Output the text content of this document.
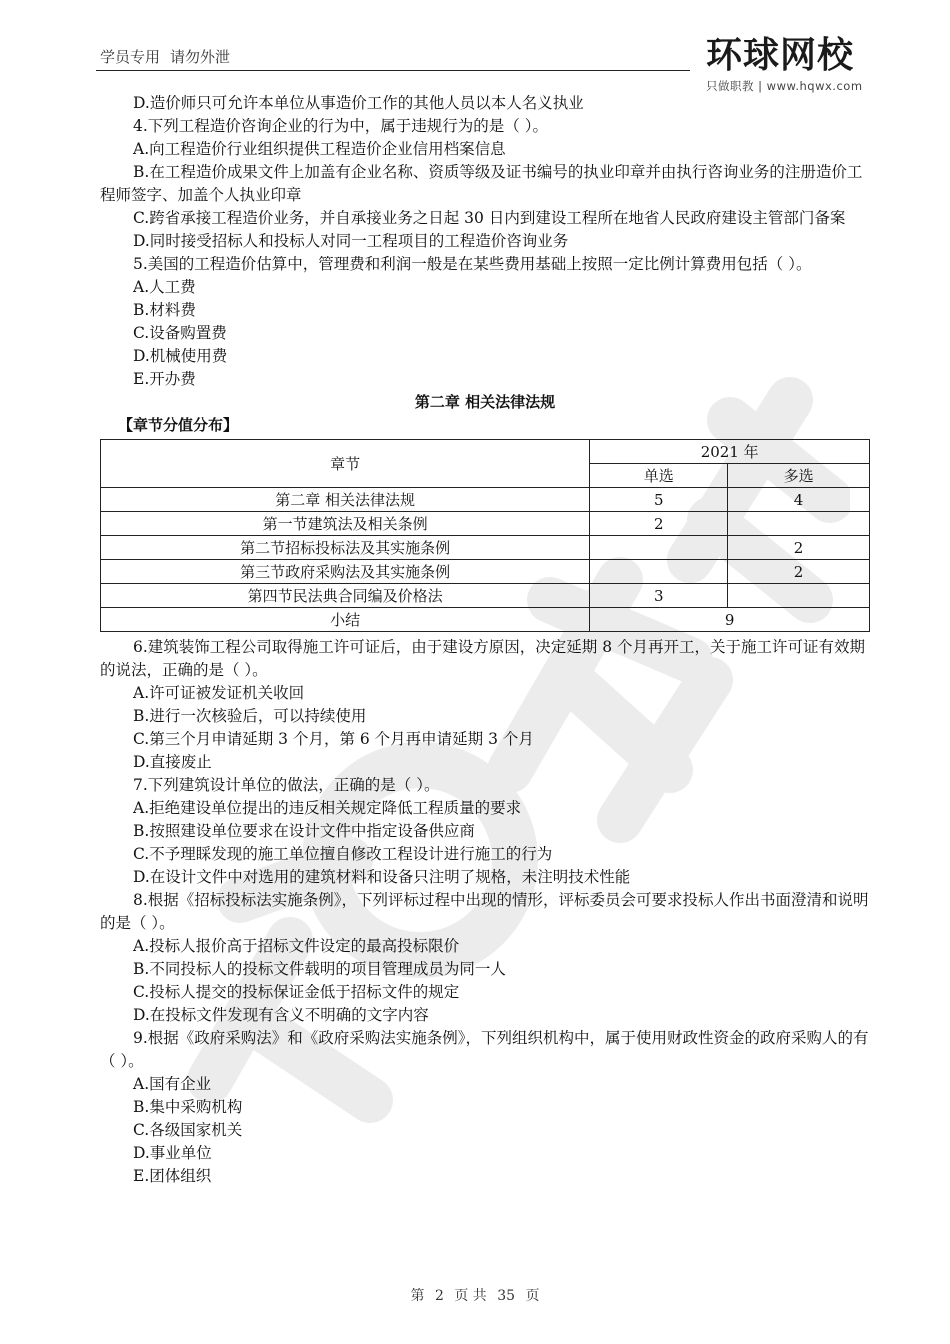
学员专用 请勿外泄	环球网校
只做职教 | www.hqwx.com

D.造价师只可允许本单位从事造价工作的其他人员以本人名义执业

4.下列工程造价咨询企业的行为中，属于违规行为的是（ ）。

A.向工程造价行业组织提供工程造价企业信用档案信息

B.在工程造价成果文件上加盖有企业名称、资质等级及证书编号的执业印章并由执行咨询业务的注册造价工程师签字、加盖个人执业印章

C.跨省承接工程造价业务，并自承接业务之日起 30 日内到建设工程所在地省人民政府建设主管部门备案

D.同时接受招标人和投标人对同一工程项目的工程造价咨询业务

5.美国的工程造价估算中，管理费和利润一般是在某些费用基础上按照一定比例计算费用包括（ ）。

A.人工费

B.材料费

C.设备购置费

D.机械使用费

E.开办费

第二章 相关法律法规

【章节分值分布】

章节	2021 年	
	单选	多选
第二章 相关法律法规	5	4
第一节建筑法及相关条例	2	
第二节招标投标法及其实施条例		2
第三节政府采购法及其实施条例		2
第四节民法典合同编及价格法	3	
小结	9	

6.建筑装饰工程公司取得施工许可证后，由于建设方原因，决定延期 8 个月再开工，关于施工许可证有效期的说法，正确的是（ ）。

A.许可证被发证机关收回

B.进行一次核验后，可以持续使用

C.第三个月申请延期 3 个月，第 6 个月再申请延期 3 个月

D.直接废止

7.下列建筑设计单位的做法，正确的是（ ）。

A.拒绝建设单位提出的违反相关规定降低工程质量的要求

B.按照建设单位要求在设计文件中指定设备供应商

C.不予理睬发现的施工单位擅自修改工程设计进行施工的行为

D.在设计文件中对选用的建筑材料和设备只注明了规格，未注明技术性能

8.根据《招标投标法实施条例》，下列评标过程中出现的情形，评标委员会可要求投标人作出书面澄清和说明的是（ ）。

A.投标人报价高于招标文件设定的最高投标限价

B.不同投标人的投标文件载明的项目管理成员为同一人

C.投标人提交的投标保证金低于招标文件的规定

D.在投标文件发现有含义不明确的文字内容

9.根据《政府采购法》和《政府采购法实施条例》，下列组织机构中，属于使用财政性资金的政府采购人的有（ ）。

A.国有企业

B.集中采购机构

C.各级国家机关

D.事业单位

E.团体组织

第 2 页 共 35 页
